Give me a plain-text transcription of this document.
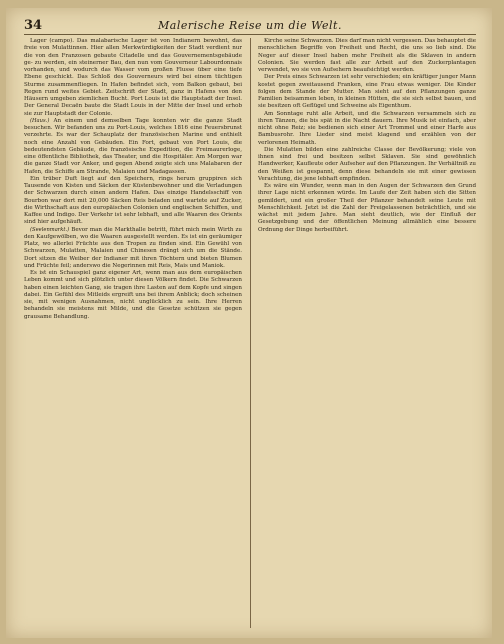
34	Malerische Reise um die Welt.

Lager (campo). Das malabarische Lager ist von Indianern bewohnt, das freie von Mulattinnen. Hier allen Merkwürdigkeiten der Stadt verdient nur die von den Franzosen gebaute Citadelle und das Gouvernementsgebäude ge- zu werden, ein steinerner Bau, den nun vom Gouverneur Labourdonnais vorhanden, und wodurch das Wasser vom großen Flusse über eine tiefe Ebene geschickt. Das Schloß des Gouverneurs wird bei einem tüchtigen Sturme zusammenfliegen. In Hafen befindet sich, vom Balkon gebaut, bei Regen rund weites Gebiet. Zeitschrift der Stadt, ganz in Hafens von den Häusern umgeben ziemlichen Bucht. Port Louis ist die Hauptstadt der Insel. Der General Decaën baute die Stadt Louis in der Mitte der Insel und erhob sie zur Hauptstadt der Colonie.

( Haus. ) An einem und demselben Tage konnten wir die ganze Stadt besuchen. Wir befanden uns zu Port-Louis, welches 1816 eine Feuersbrunst verzehrte. Es war der Schauplatz der französischen Marine und enthielt noch eine Anzahl von Gebäuden. Ein Fort, gebaut von Port Louis, die bedeutendsten Gebäude, die französische Expedition, die Freimaurerloge, eine öffentliche Bibliothek, das Theater, und die Hospitäler. Am Morgen war die ganze Stadt vor Anker, und gegen Abend zeigte sich uns Malabaren der Hafen, die Schiffe am Strande, Malaien und Madagassen.

Ein trüber Duft liegt auf den Speichern, rings herum gruppiren sich Tausende von Kisten und Säcken der Küstenbewohner und die Verladungen der Schwarzen durch einen andern Hafen. Das einzige Handelsschiff von Bourbon war dort mit 20,000 Säcken Reis beladen und wartete auf Zucker, die Wirthschaft aus den europäischen Colonien und englischen Schiffen, und Kaffee und Indigo. Der Verkehr ist sehr lebhaft, und alle Waaren des Orients sind hier aufgehäuft.

( Seelenmarkt. ) Bevor man die Markthalle betritt, führt mich mein Wirth zu den Kaufgewölben, wo die Waaren ausgestellt werden. Es ist ein geräumiger Platz, wo allerlei Früchte aus den Tropen zu finden sind. Ein Gewühl von Schwarzen, Mulatten, Malaien und Chinesen drängt sich um die Stände. Dort sitzen die Weiber der Indianer mit ihren Töchtern und bieten Blumen und Früchte feil; anderswo die Negerinnen mit Reis, Mais und Maniok.

Es ist ein Schauspiel ganz eigener Art, wenn man aus dem europäischen Leben kommt und sich plötzlich unter diesen Völkern findet. Die Schwarzen haben einen leichten Gang, sie tragen ihre Lasten auf dem Kopfe und singen dabei. Ein Gefühl des Mitleids ergreift uns bei ihrem Anblick; doch scheinen sie, mit wenigen Ausnahmen, nicht unglücklich zu sein. Ihre Herren behandeln sie meistens mit Milde, und die Gesetze schützen sie gegen grausame Behandlung.

Kirche seine Schwarzen. Dies darf man nicht vergessen. Das behauptet die menschlichen Begriffe von Freiheit und Recht, die uns so lieb sind. Die Neger auf dieser Insel haben mehr Freiheit als die Sklaven in andern Colonien. Sie werden fast alle zur Arbeit auf den Zuckerplantagen verwendet, wo sie von Aufsehern beaufsichtigt werden.

Der Preis eines Schwarzen ist sehr verschieden; ein kräftiger junger Mann kostet gegen zweitausend Franken, eine Frau etwas weniger. Die Kinder folgen dem Stande der Mutter. Man sieht auf den Pflanzungen ganze Familien beisammen leben, in kleinen Hütten, die sie sich selbst bauen, und sie besitzen oft Geflügel und Schweine als Eigenthum.

Am Sonntage ruht alle Arbeit, und die Schwarzen versammeln sich zu ihren Tänzen, die bis spät in die Nacht dauern. Ihre Musik ist einfach, aber nicht ohne Reiz; sie bedienen sich einer Art Trommel und einer Harfe aus Bambusrohr. Ihre Lieder sind meist klagend und erzählen von der verlorenen Heimath.

Die Mulatten bilden eine zahlreiche Classe der Bevölkerung; viele von ihnen sind frei und besitzen selbst Sklaven. Sie sind gewöhnlich Handwerker, Kaufleute oder Aufseher auf den Pflanzungen. Ihr Verhältniß zu den Weißen ist gespannt, denn diese behandeln sie mit einer gewissen Verachtung, die jene lebhaft empfinden.

Es wäre ein Wunder, wenn man in den Augen der Schwarzen den Grund ihrer Lage nicht erkennen würde. Im Laufe der Zeit haben sich die Sitten gemildert, und ein großer Theil der Pflanzer behandelt seine Leute mit Menschlichkeit. Jetzt ist die Zahl der Freigelassenen beträchtlich, und sie wächst mit jedem Jahre. Man sieht deutlich, wie der Einfluß der Gesetzgebung und der öffentlichen Meinung allmählich eine bessere Ordnung der Dinge herbeiführt.
